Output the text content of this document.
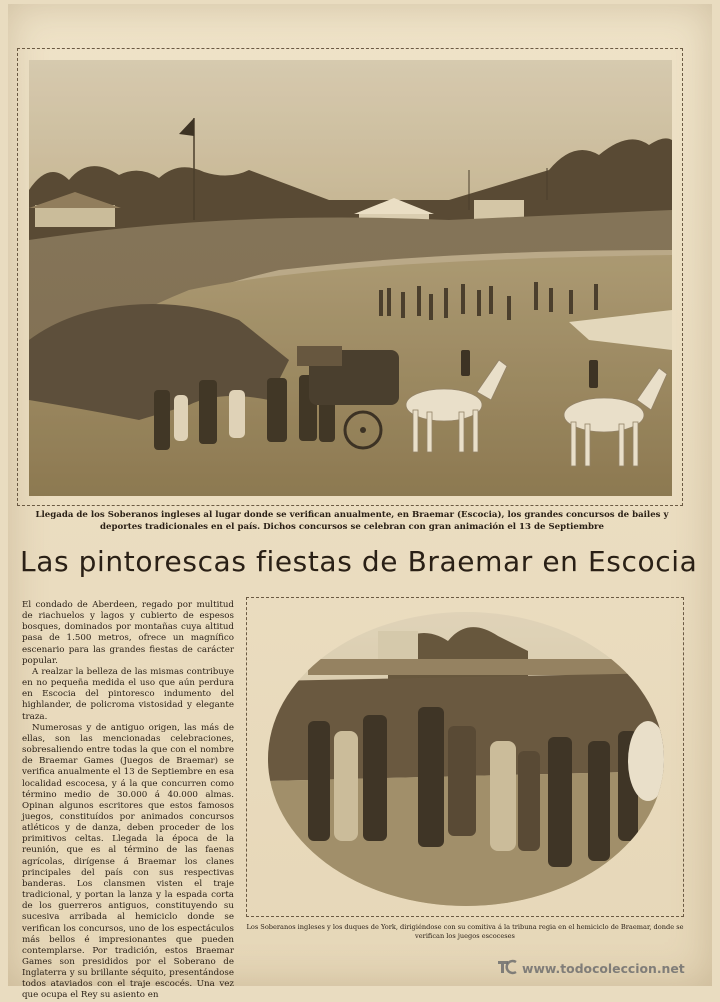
Llegada de los Soberanos ingleses al lugar donde se verifican anualmente, en Braemar (Escocia), los grandes concursos de bailes y deportes tradicionales en el país. Dichos concursos se celebran con gran animación el 13 de Septiembre
Las pintorescas fiestas de Braemar en Escocia

El condado de Aberdeen, regado por multitud de riachuelos y lagos y cubierto de espesos bosques, dominados por montañas cuya altitud pasa de 1.500 metros, ofrece un magnífico escenario para las grandes fiestas de carácter popular.

A realzar la belleza de las mismas contribuye en no pequeña medida el uso que aún perdura en Escocia del pintoresco indumento del highlander, de policroma vistosidad y elegante traza.

Numerosas y de antiguo origen, las más de ellas, son las mencionadas celebraciones, sobresaliendo entre todas la que con el nombre de Braemar Games (Juegos de Braemar) se verifica anualmente el 13 de Septiembre en esa localidad escocesa, y á la que concurren como término medio de 30.000 á 40.000 almas. Opinan algunos escritores que estos famosos juegos, constituídos por animados concursos atléticos y de danza, deben proceder de los primitivos celtas. Llegada la época de la reunión, que es al término de las faenas agrícolas, dirígense á Braemar los clanes principales del país con sus respectivas banderas. Los clansmen visten el traje tradicional, y portan la lanza y la espada corta de los guerreros antiguos, constituyendo su sucesiva arribada al hemiciclo donde se verifican los concursos, uno de los espectáculos más bellos é impresionantes que pueden contemplarse. Por tradición, estos Braemar Games son presididos por el Soberano de Inglaterra y su brillante séquito, presentándose todos ataviados con el traje escocés. Una vez que ocupa el Rey su asiento en

Los Soberanos ingleses y los duques de York, dirigiéndose con su comitiva á la tribuna regia en el hemiciclo de Braemar, donde se verifican los juegos escoceses
www.todocoleccion.net
